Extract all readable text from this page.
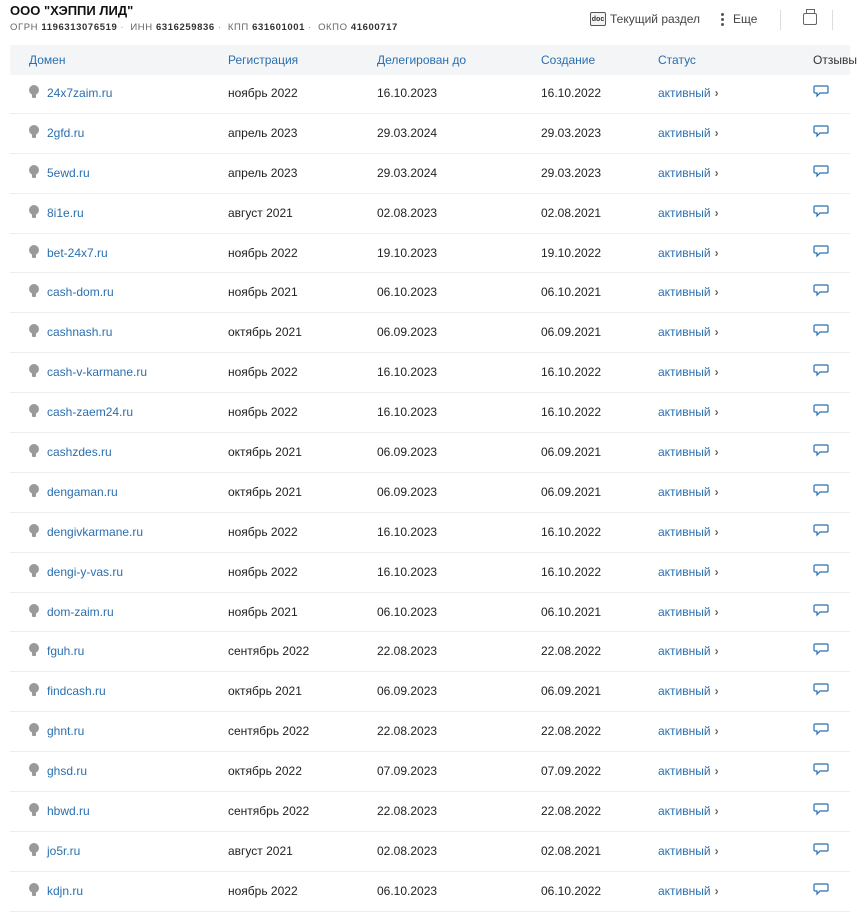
ООО "ХЭППИ ЛИД"
ОГРН 1196313076519 · ИНН 6316259836 · КПП 631601001 · ОКПО 41600717
doc Текущий раздел	Еще
Домен	Регистрация	Делегирован до	Создание	Статус	Отзывы
24x7zaim.ru	ноябрь 2022	16.10.2023	16.10.2022	активный ›
2gfd.ru	апрель 2023	29.03.2024	29.03.2023	активный ›
5ewd.ru	апрель 2023	29.03.2024	29.03.2023	активный ›
8i1e.ru	август 2021	02.08.2023	02.08.2021	активный ›
bet-24x7.ru	ноябрь 2022	19.10.2023	19.10.2022	активный ›
cash-dom.ru	ноябрь 2021	06.10.2023	06.10.2021	активный ›
cashnash.ru	октябрь 2021	06.09.2023	06.09.2021	активный ›
cash-v-karmane.ru	ноябрь 2022	16.10.2023	16.10.2022	активный ›
cash-zaem24.ru	ноябрь 2022	16.10.2023	16.10.2022	активный ›
cashzdes.ru	октябрь 2021	06.09.2023	06.09.2021	активный ›
dengaman.ru	октябрь 2021	06.09.2023	06.09.2021	активный ›
dengivkarmane.ru	ноябрь 2022	16.10.2023	16.10.2022	активный ›
dengi-y-vas.ru	ноябрь 2022	16.10.2023	16.10.2022	активный ›
dom-zaim.ru	ноябрь 2021	06.10.2023	06.10.2021	активный ›
fguh.ru	сентябрь 2022	22.08.2023	22.08.2022	активный ›
findcash.ru	октябрь 2021	06.09.2023	06.09.2021	активный ›
ghnt.ru	сентябрь 2022	22.08.2023	22.08.2022	активный ›
ghsd.ru	октябрь 2022	07.09.2023	07.09.2022	активный ›
hbwd.ru	сентябрь 2022	22.08.2023	22.08.2022	активный ›
jo5r.ru	август 2021	02.08.2023	02.08.2021	активный ›
kdjn.ru	ноябрь 2022	06.10.2023	06.10.2022	активный ›
